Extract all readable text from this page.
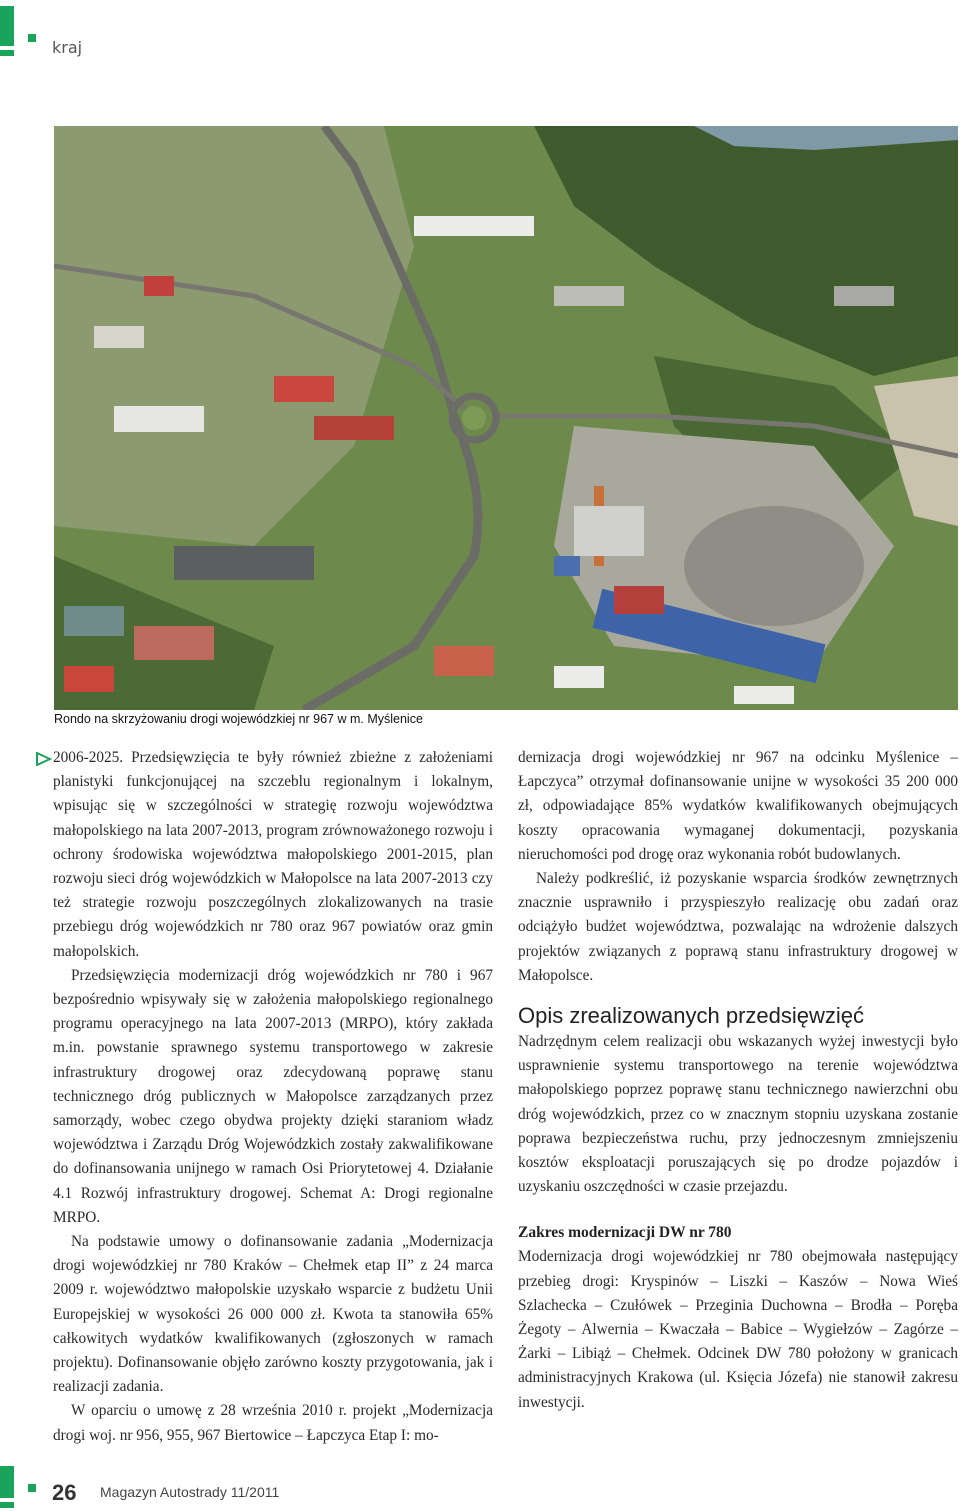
kraj
Rondo na skrzyżowaniu drogi wojewódzkiej nr 967 w m. Myślenice

2006-2025. Przedsięwzięcia te były również zbieżne z założeniami planistyki funkcjonującej na szczeblu regionalnym i lokalnym, wpisując się w szczególności w strategię rozwoju województwa małopolskiego na lata 2007-2013, program zrównoważonego rozwoju i ochrony środowiska województwa małopolskiego 2001-2015, plan rozwoju sieci dróg wojewódzkich w Małopolsce na lata 2007-2013 czy też strategie rozwoju poszczególnych zlokalizowanych na trasie przebiegu dróg wojewódzkich nr 780 oraz 967 powiatów oraz gmin małopolskich.

Przedsięwzięcia modernizacji dróg wojewódzkich nr 780 i 967 bezpośrednio wpisywały się w założenia małopolskiego regionalnego programu operacyjnego na lata 2007-2013 (MRPO), który zakłada m.in. powstanie sprawnego systemu transportowego w zakresie infrastruktury drogowej oraz zdecydowaną poprawę stanu technicznego dróg publicznych w Małopolsce zarządzanych przez samorządy, wobec czego obydwa projekty dzięki staraniom władz województwa i Zarządu Dróg Wojewódzkich zostały zakwalifikowane do dofinansowania unijnego w ramach Osi Priorytetowej 4. Działanie 4.1 Rozwój infrastruktury drogowej. Schemat A: Drogi regionalne MRPO.

Na podstawie umowy o dofinansowanie zadania „Modernizacja drogi wojewódzkiej nr 780 Kraków – Chełmek etap II” z 24 marca 2009 r. województwo małopolskie uzyskało wsparcie z budżetu Unii Europejskiej w wysokości 26 000 000 zł. Kwota ta stanowiła 65% całkowitych wydatków kwalifikowanych (zgłoszonych w ramach projektu). Dofinansowanie objęło zarówno koszty przygotowania, jak i realizacji zadania.

W oparciu o umowę z 28 września 2010 r. projekt „Modernizacja drogi woj. nr 956, 955, 967 Biertowice – Łapczyca Etap I: mo-

dernizacja drogi wojewódzkiej nr 967 na odcinku Myślenice – Łapczyca” otrzymał dofinansowanie unijne w wysokości 35 200 000 zł, odpowiadające 85% wydatków kwalifikowanych obejmujących koszty opracowania wymaganej dokumentacji, pozyskania nieruchomości pod drogę oraz wykonania robót budowlanych.

Należy podkreślić, iż pozyskanie wsparcia środków zewnętrznych znacznie usprawniło i przyspieszyło realizację obu zadań oraz odciążyło budżet województwa, pozwalając na wdrożenie dalszych projektów związanych z poprawą stanu infrastruktury drogowej w Małopolsce.

Opis zrealizowanych przedsięwzięć

Nadrzędnym celem realizacji obu wskazanych wyżej inwestycji było usprawnienie systemu transportowego na terenie województwa małopolskiego poprzez poprawę stanu technicznego nawierzchni obu dróg wojewódzkich, przez co w znacznym stopniu uzyskana zostanie poprawa bezpieczeństwa ruchu, przy jednoczesnym zmniejszeniu kosztów eksploatacji poruszających się po drodze pojazdów i uzyskaniu oszczędności w czasie przejazdu.

Zakres modernizacji DW nr 780

Modernizacja drogi wojewódzkiej nr 780 obejmowała następujący przebieg drogi: Kryspinów – Liszki – Kaszów – Nowa Wieś Szlachecka – Czułówek – Przeginia Duchowna – Brodła – Poręba Żegoty – Alwernia – Kwaczała – Babice – Wygiełzów – Zagórze – Żarki – Libiąż – Chełmek. Odcinek DW 780 położony w granicach administracyjnych Krakowa (ul. Księcia Józefa) nie stanowił zakresu inwestycji.

26 Magazyn Autostrady 11/2011
